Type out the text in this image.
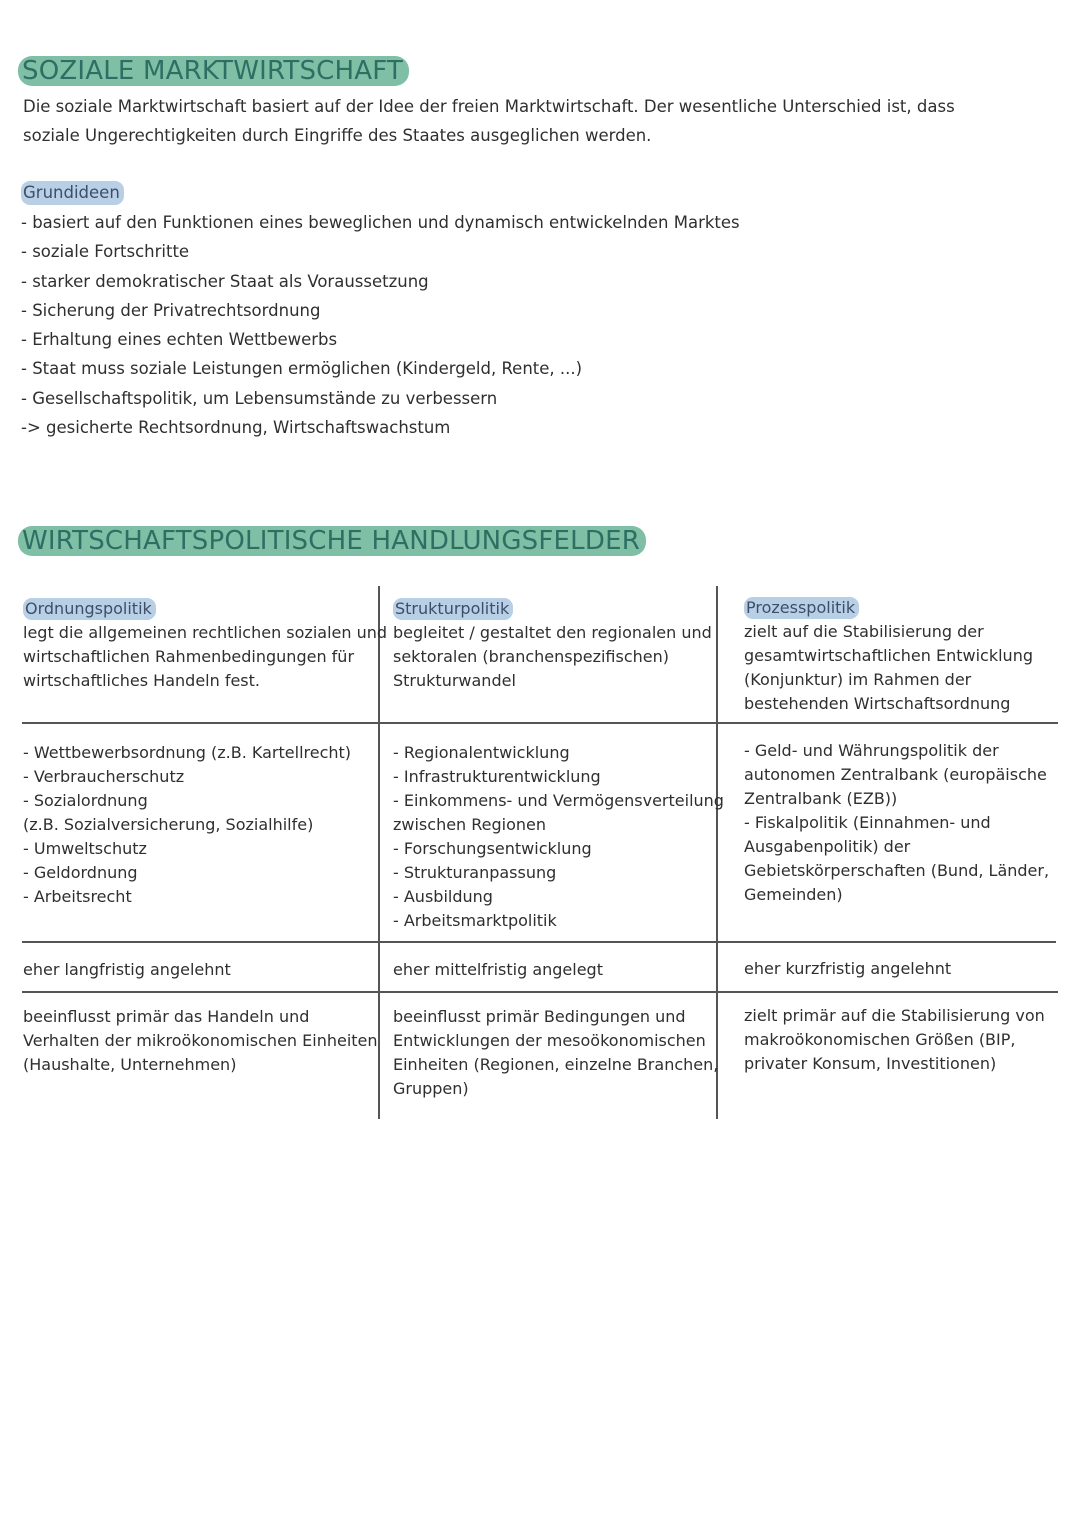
SOZIALE MARKTWIRTSCHAFT
Die soziale Marktwirtschaft basiert auf der Idee der freien Marktwirtschaft. Der wesentliche Unterschied ist, dass
soziale Ungerechtigkeiten durch Eingriffe des Staates ausgeglichen werden.
Grundideen
- basiert auf den Funktionen eines beweglichen und dynamisch entwickelnden Marktes
- soziale Fortschritte
- starker demokratischer Staat als Voraussetzung
- Sicherung der Privatrechtsordnung
- Erhaltung eines echten Wettbewerbs
- Staat muss soziale Leistungen ermöglichen (Kindergeld, Rente, ...)
- Gesellschaftspolitik, um Lebensumstände zu verbessern
-> gesicherte Rechtsordnung, Wirtschaftswachstum
WIRTSCHAFTSPOLITISCHE HANDLUNGSFELDER
Ordnungspolitik
legt die allgemeinen rechtlichen sozialen und
wirtschaftlichen Rahmenbedingungen für
wirtschaftliches Handeln fest.
- Wettbewerbsordnung (z.B. Kartellrecht)
- Verbraucherschutz
- Sozialordnung
(z.B. Sozialversicherung, Sozialhilfe)
- Umweltschutz
- Geldordnung
- Arbeitsrecht
eher langfristig angelehnt
beeinflusst primär das Handeln und
Verhalten der mikroökonomischen Einheiten
(Haushalte, Unternehmen)
Strukturpolitik
begleitet / gestaltet den regionalen und
sektoralen (branchenspezifischen)
Strukturwandel
- Regionalentwicklung
- Infrastrukturentwicklung
- Einkommens- und Vermögensverteilung
zwischen Regionen
- Forschungsentwicklung
- Strukturanpassung
- Ausbildung
- Arbeitsmarktpolitik
eher mittelfristig angelegt
beeinflusst primär Bedingungen und
Entwicklungen der mesoökonomischen
Einheiten (Regionen, einzelne Branchen,
Gruppen)
Prozesspolitik
zielt auf die Stabilisierung der
gesamtwirtschaftlichen Entwicklung
(Konjunktur) im Rahmen der
bestehenden Wirtschaftsordnung
- Geld- und Währungspolitik der
autonomen Zentralbank (europäische
Zentralbank (EZB))
- Fiskalpolitik (Einnahmen- und
Ausgabenpolitik) der
Gebietskörperschaften (Bund, Länder,
Gemeinden)
eher kurzfristig angelehnt
zielt primär auf die Stabilisierung von
makroökonomischen Größen (BIP,
privater Konsum, Investitionen)
